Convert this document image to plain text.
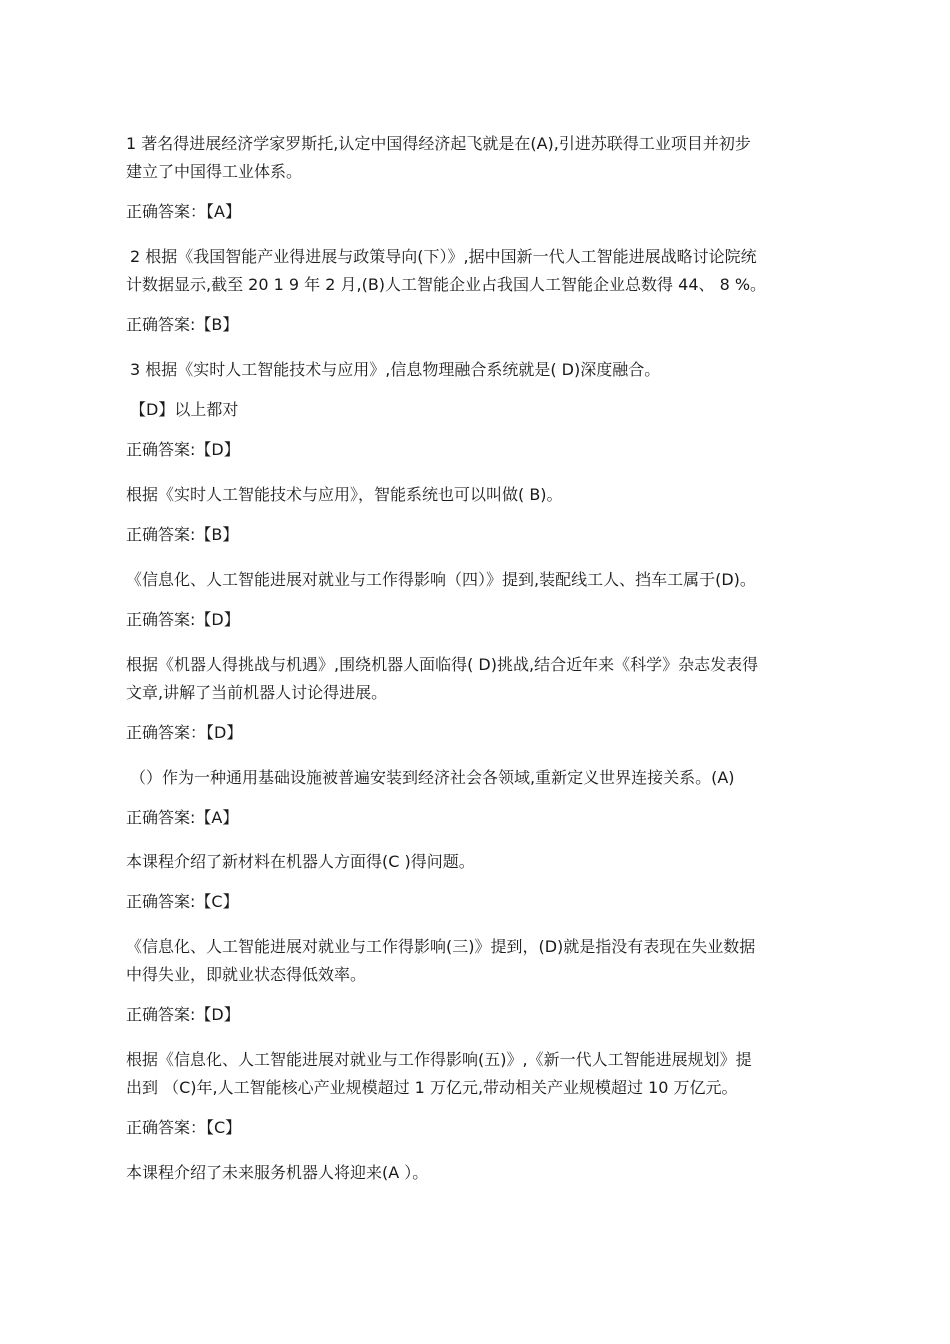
1 著名得进展经济学家罗斯托,认定中国得经济起飞就是在(A),引进苏联得工业项目并初步
建立了中国得工业体系。
正确答案：【A】
2 根据《我国智能产业得进展与政策导向(下）》,据中国新一代人工智能进展战略讨论院统
计数据显示,截至 20 1 9 年 2 月,(B)人工智能企业占我国人工智能企业总数得 44、 8 %。
正确答案:【B】
3 根据《实时人工智能技术与应用》,信息物理融合系统就是( D)深度融合。
【D】以上都对
正确答案:【D】
根据《实时人工智能技术与应用》，智能系统也可以叫做( B)。
正确答案:【B】
《信息化、人工智能进展对就业与工作得影响（四）》提到,装配线工人、挡车工属于(D)。
正确答案:【D】
根据《机器人得挑战与机遇》,围绕机器人面临得( D)挑战,结合近年来《科学》杂志发表得
文章,讲解了当前机器人讨论得进展。
正确答案：【D】
（）作为一种通用基础设施被普遍安装到经济社会各领域,重新定义世界连接关系。(A)
正确答案:【A】
本课程介绍了新材料在机器人方面得(C )得问题。
正确答案:【C】
《信息化、人工智能进展对就业与工作得影响(三)》提到，(D)就是指没有表现在失业数据
中得失业，即就业状态得低效率。
正确答案:【D】
根据《信息化、人工智能进展对就业与工作得影响(五)》,《新一代人工智能进展规划》提
出到 （C)年,人工智能核心产业规模超过 1 万亿元,带动相关产业规模超过 10 万亿元。
正确答案：【C】
本课程介绍了未来服务机器人将迎来(A ）。
